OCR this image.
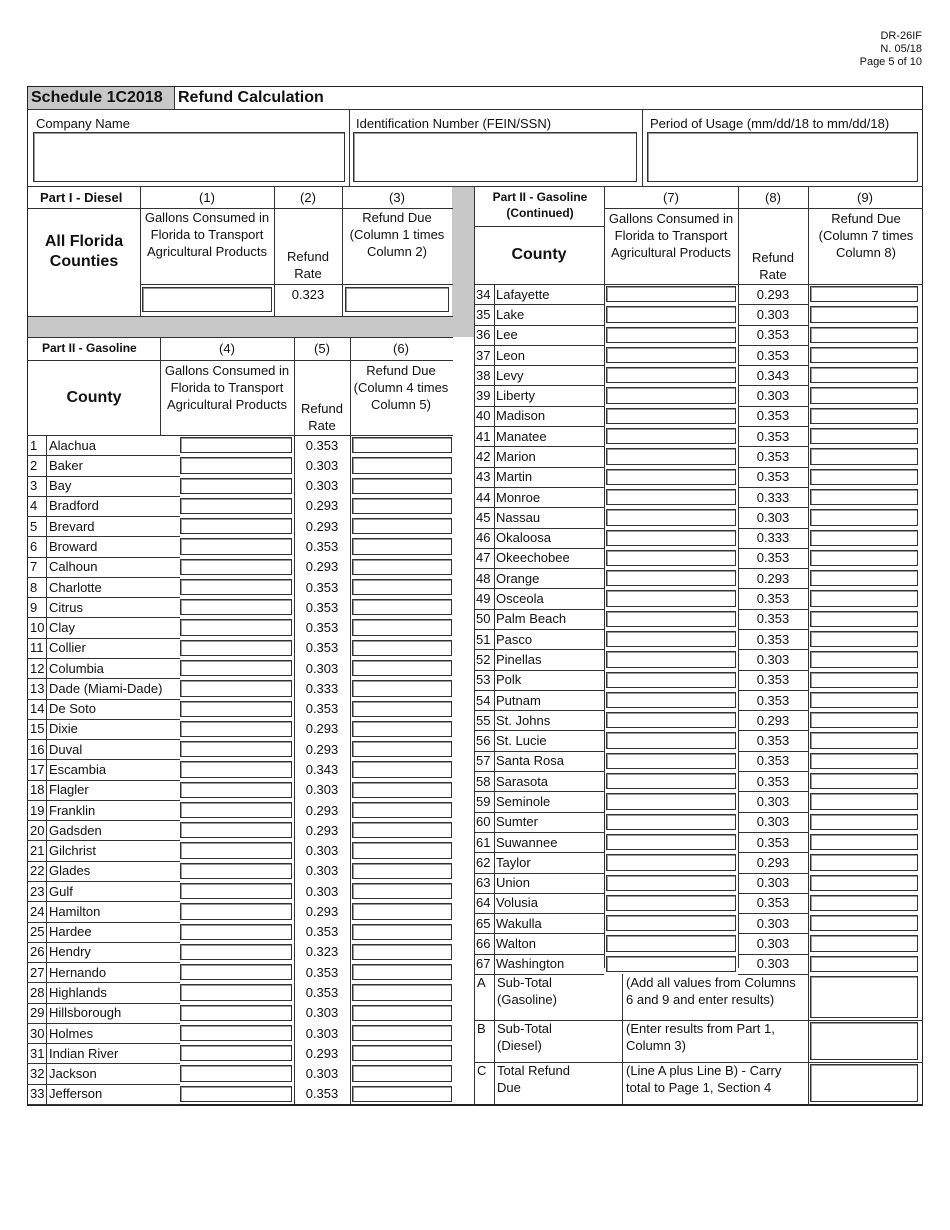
DR-26IF
N. 05/18
Page 5 of 10
Schedule 1C2018 Refund Calculation
Company Name	Identification Number (FEIN/SSN)	Period of Usage (mm/dd/18 to mm/dd/18)
Part I - Diesel	(1)	(2)	(3)
All Florida Counties
Gallons Consumed in Florida to Transport Agricultural Products	Refund Rate
Refund Due (Column 1 times Column 2)
0.323
Part II - Gasoline	(4)	(5)	(6)
County
Gallons Consumed in Florida to Transport Agricultural Products	Refund Rate
Refund Due (Column 4 times Column 5)
Part II - Gasoline (Continued)
(7)	(8)	(9)
County
Gallons Consumed in Florida to Transport Agricultural Products	Refund Rate
Refund Due (Column 7 times Column 8)
1 Alachua	0.353
2 Baker	0.303
3 Bay	0.303
4 Bradford	0.293
5 Brevard	0.293
6 Broward	0.353
7 Calhoun	0.293
8 Charlotte	0.353
9 Citrus	0.353
10 Clay	0.353
11 Collier	0.353
12 Columbia	0.303
13 Dade (Miami-Dade)	0.333
14 De Soto	0.353
15 Dixie	0.293
16 Duval	0.293
17 Escambia	0.343
18 Flagler	0.303
19 Franklin	0.293
20 Gadsden	0.293
21 Gilchrist	0.303
22 Glades	0.303
23 Gulf	0.303
24 Hamilton	0.293
25 Hardee	0.353
26 Hendry	0.323
27 Hernando	0.353
28 Highlands	0.353
29 Hillsborough	0.303
30 Holmes	0.303
31 Indian River	0.293
32 Jackson	0.303
33 Jefferson	0.353
34 Lafayette	0.293
35 Lake	0.303
36 Lee	0.353
37 Leon	0.353
38 Levy	0.343
39 Liberty	0.303
40 Madison	0.353
41 Manatee	0.353
42 Marion	0.353
43 Martin	0.353
44 Monroe	0.333
45 Nassau	0.303
46 Okaloosa	0.333
47 Okeechobee	0.353
48 Orange	0.293
49 Osceola	0.353
50 Palm Beach	0.353
51 Pasco	0.353
52 Pinellas	0.303
53 Polk	0.353
54 Putnam	0.353
55 St. Johns	0.293
56 St. Lucie	0.353
57 Santa Rosa	0.353
58 Sarasota	0.353
59 Seminole	0.303
60 Sumter	0.303
61 Suwannee	0.353
62 Taylor	0.293
63 Union	0.303
64 Volusia	0.353
65 Wakulla	0.303
66 Walton	0.303
67 Washington	0.303
A Sub-Total (Gasoline)
(Add all values from Columns 6 and 9 and enter results)
B Sub-Total (Diesel)
(Enter results from Part 1, Column 3)
C Total Refund Due
(Line A plus Line B) - Carry total to Page 1, Section 4
